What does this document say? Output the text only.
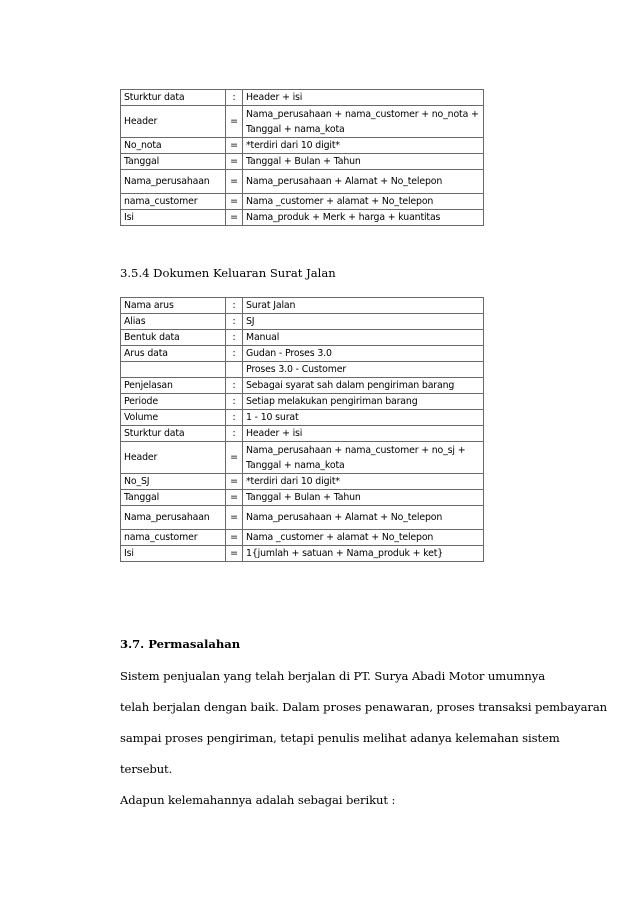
Sturktur data	:	Header + isi
Header	=	Nama_perusahaan + nama_customer + no_nota + Tanggal + nama_kota
No_nota	=	*terdiri dari 10 digit*
Tanggal	=	Tanggal + Bulan + Tahun
Nama_perusahaan	=	Nama_perusahaan + Alamat + No_telepon
nama_customer	=	Nama _customer + alamat + No_telepon
Isi	=	Nama_produk + Merk + harga + kuantitas
3.5.4 Dokumen Keluaran Surat Jalan
Nama arus	:	Surat Jalan
Alias	:	SJ
Bentuk data	:	Manual
Arus data	:	Gudan - Proses 3.0
		Proses 3.0 - Customer
Penjelasan	:	Sebagai syarat sah dalam pengiriman barang
Periode	:	Setiap melakukan pengiriman barang
Volume	:	1 - 10 surat
Sturktur data	:	Header + isi
Header	=	Nama_perusahaan + nama_customer + no_sj + Tanggal + nama_kota
No_SJ	=	*terdiri dari 10 digit*
Tanggal	=	Tanggal + Bulan + Tahun
Nama_perusahaan	=	Nama_perusahaan + Alamat + No_telepon
nama_customer	=	Nama _customer + alamat + No_telepon
Isi	=	1{jumlah + satuan + Nama_produk + ket}
3.7. Permasalahan

Sistem penjualan yang telah berjalan di PT. Surya Abadi Motor umumnya

telah berjalan dengan baik. Dalam proses penawaran, proses transaksi pembayaran

sampai proses pengiriman, tetapi penulis melihat adanya kelemahan sistem

tersebut.

Adapun kelemahannya adalah sebagai berikut :
